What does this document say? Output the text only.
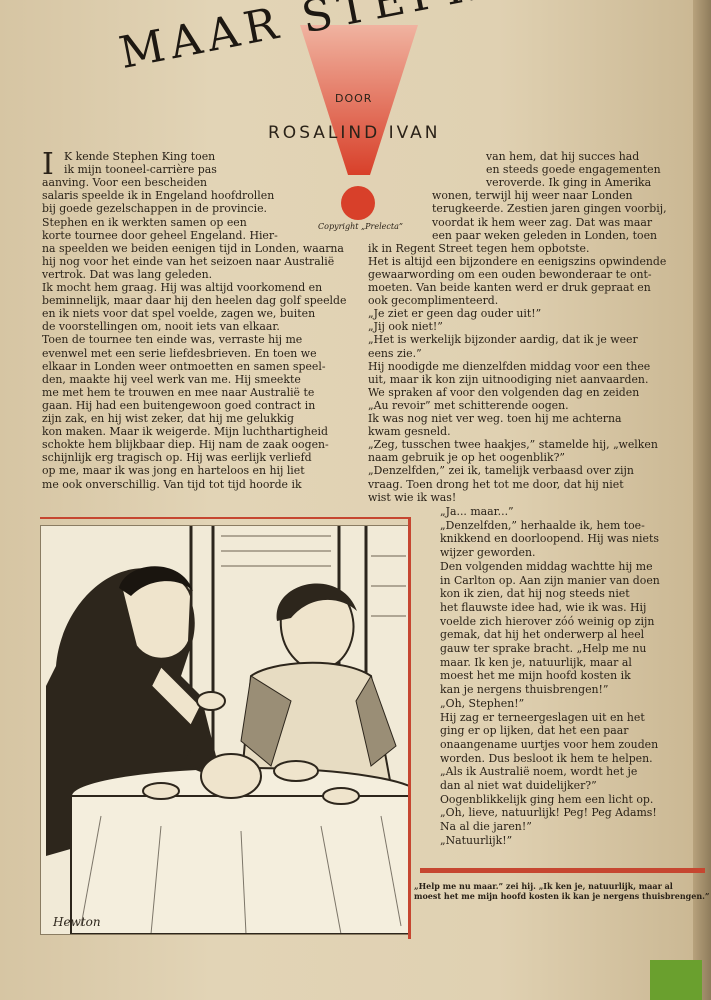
MAAR
DOOR
ROSALIND IVAN
Copyright „Prelecta”
I K kende Stephen King toen
ik mijn tooneel-carrière pas
aanving. Voor een bescheiden
salaris speelde ik in Engeland hoofdrollen
bij goede gezelschappen in de provincie.
Stephen en ik werkten samen op een
korte tournee door geheel Engeland. Hier-
na speelden we beiden eenigen tijd in Londen, waarna
hij nog voor het einde van het seizoen naar Australië
vertrok. Dat was lang geleden.
Ik mocht hem graag. Hij was altijd voorkomend en
beminnelijk, maar daar hij den heelen dag golf speelde
en ik niets voor dat spel voelde, zagen we, buiten
de voorstellingen om, nooit iets van elkaar.
Toen de tournee ten einde was, verraste hij me
evenwel met een serie liefdesbrieven. En toen we
elkaar in Londen weer ontmoetten en samen speel-
den, maakte hij veel werk van me. Hij smeekte
me met hem te trouwen en mee naar Australië te
gaan. Hij had een buitengewoon goed contract in
zijn zak, en hij wist zeker, dat hij me gelukkig
kon maken. Maar ik weigerde. Mijn luchthartigheid
schokte hem blijkbaar diep. Hij nam de zaak oogen-
schijnlijk erg tragisch op. Hij was eerlijk verliefd
op me, maar ik was jong en harteloos en hij liet
me ook onverschillig. Van tijd tot tijd hoorde ik
van hem, dat hij succes had
en steeds goede engagementen
veroverde. Ik ging in Amerika
wonen, terwijl hij weer naar Londen
terugkeerde. Zestien jaren gingen voorbij,
voordat ik hem weer zag. Dat was maar
een paar weken geleden in Londen, toen
ik in Regent Street tegen hem opbotste.
Het is altijd een bijzondere en eenigszins opwindende
gewaarwording om een ouden bewonderaar te ont-
moeten. Van beide kanten werd er druk gepraat en
ook gecomplimenteerd.
„Je ziet er geen dag ouder uit!”
„Jij ook niet!”
„Het is werkelijk bijzonder aardig, dat ik je weer
eens zie.”
Hij noodigde me dienzelfden middag voor een thee
uit, maar ik kon zijn uitnoodiging niet aanvaarden.
We spraken af voor den volgenden dag en zeiden
„Au revoir” met schitterende oogen.
Ik was nog niet ver weg. toen hij me achterna
kwam gesneld.
„Zeg, tusschen twee haakjes,” stamelde hij, „welken
naam gebruik je op het oogenblik?”
„Denzelfden,” zei ik, tamelijk verbaasd over zijn
vraag. Toen drong het tot me door, dat hij niet
wist wie ik was!
„Ja... maar...”
„Denzelfden,” herhaalde ik, hem toe-
knikkend en doorloopend. Hij was niets
wijzer geworden.
Den volgenden middag wachtte hij me
in Carlton op. Aan zijn manier van doen
kon ik zien, dat hij nog steeds niet
het flauwste idee had, wie ik was. Hij
voelde zich hierover zóó weinig op zijn
gemak, dat hij het onderwerp al heel
gauw ter sprake bracht. „Help me nu
maar. Ik ken je, natuurlijk, maar al
moest het me mijn hoofd kosten ik
kan je nergens thuisbrengen!”
„Oh, Stephen!”
Hij zag er terneergeslagen uit en het
ging er op lijken, dat het een paar
onaangename uurtjes voor hem zouden
worden. Dus besloot ik hem te helpen.
„Als ik Australië noem, wordt het je
dan al niet wat duidelijker?”
Oogenblikkelijk ging hem een licht op.
„Oh, lieve, natuurlijk! Peg! Peg Adams!
Na al die jaren!”
„Natuurlijk!”
Hewton
„Help me nu maar.” zei hij. „Ik ken je, natuurlijk, maar al
moest het me mijn hoofd kosten ik kan je nergens thuisbrengen.”
